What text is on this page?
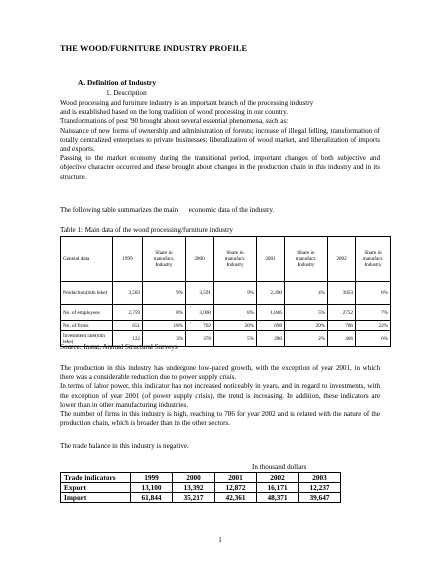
THE WOOD/FURNITURE INDUSTRY PROFILE
A. Definition of Industry
1. Description

Wood processing and furniture industry is an important branch of the processing industry

and is established based on the long tradition of wood processing in our country.

Transformations of post '90 brought about several essential phenomena, such as:

Naissance of new forms of ownership and administration of forests; increase of illegal felling, transformation of totally centralized enterprises to private businesses; liberalization of wood market, and liberalization of imports and exports.

Passing to the market economy during the transitional period, important changes of both subjective and objective character occurred and these brought about changes in the production chain in this industry and in its structure.

The following table summarizes the main      economic data of the industry.

Table 1: Main data of the wood processing/furniture industry
General data	1999	Share in manufact. Industry	2000	Share in manufact. Industry	2001	Share in manufact. Industry	2002	Share in manufact. Industry
Production(mln leke)	3,503	9%	3,591	9%	2,390	4%	3953	6%
No. of employees	2,759	8%	3,060	8%	1,846	5%	2752	7%
No. of firms	651	18%	702	20%	698	20%	786	22%
Investment rate(mln leke)	122	3%	378	5%	280	2%	466	6%
Source: Instat, Annual Structural Surveys

The production in this industry has undergone low-paced growth, with the exception of year 2001, in which there was a considerable reduction due to power supply crisis.

In terms of labor power, this indicator has not increased noticeably in years, and in regard to investments, with the exception of year 2001 (of power supply crisis), the trend is increasing. In addition, these indicators are lower than in other manufacturing industries.

The number of firms in this industry is high, reaching to 786 for year 2002 and is related with the nature of the production chain, which is broader than in the other sectors.

The trade balance in this industry is negative.

In thousand dollars
Trade indicators	1999	2000	2001	2002	2003
Export	13,100	13,392	12,872	16,171	12,237
Import	61,844	35,217	42,361	48,371	39,647
1
